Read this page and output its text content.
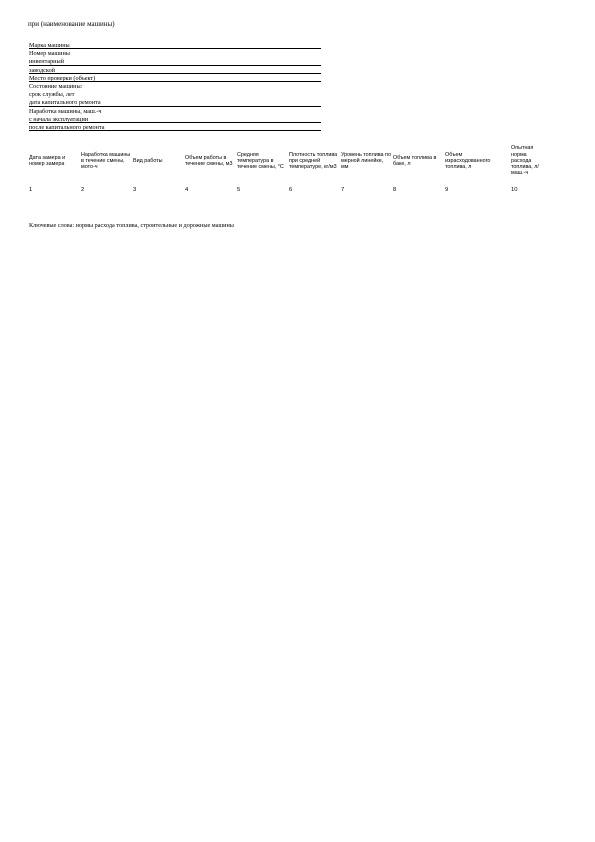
при (наименование машины)
Марка машины
Номер машины
инвентарный
заводской
Место проверки (объект)
Состояние машины:
срок службы, лет
дата капитального ремонта
Наработка машины, маш.-ч
с начала эксплуатации
после капитального ремонта
Дата замера и номер замера	Наработка машины в течение смены, мото-ч	Вид работы	Объем работы в течение смены, м3	Средняя температура в течение смены, °С	Плотность топлива при средней температуре, кг/м3	Уровень топлива по мерной линейке, мм	Объем топлива в баке, л	Объем израсходованного топлива, л	Опытная норма расхода топлива, л/маш.-ч
1	2	3	4	5	6	7	8	9	10
Ключевые слова: нормы расхода топлива, строительные и дорожные машины
